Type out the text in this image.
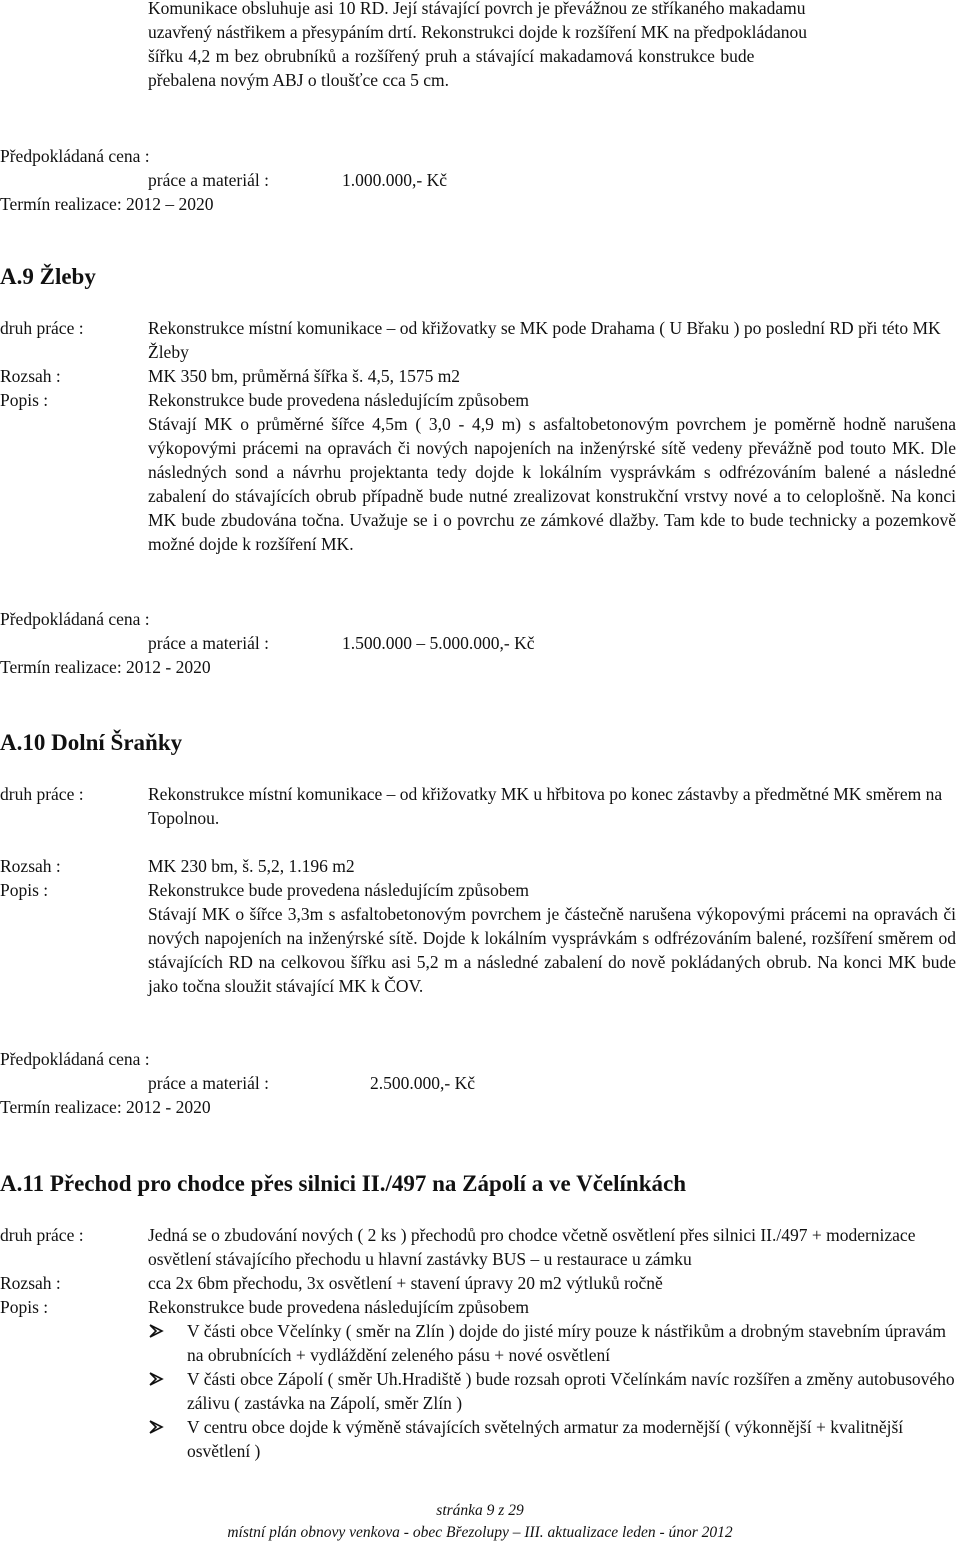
Komunikace obsluhuje asi 10 RD. Její stávající povrch je převážnou ze stříkaného makadamu

uzavřený nástřikem a přesypáním drtí. Rekonstrukci dojde k rozšíření MK na předpokládanou

šířku 4,2 m bez obrubníků a rozšířený pruh a stávající makadamová konstrukce bude

přebalena novým ABJ o tloušťce cca 5 cm.

Předpokládaná cena :
práce a materiál :	1.000.000,- Kč
Termín realizace: 2012 – 2020
A.9 Žleby
druh práce :	Rekonstrukce místní komunikace – od křižovatky se MK pode Drahama ( U Břaku ) po poslední RD při této MK Žleby
Rozsah :	MK 350 bm, průměrná šířka š. 4,5, 1575 m2
Popis :	Rekonstrukce bude provedena následujícím způsobem
Stávají MK o průměrné šířce 4,5m ( 3,0 - 4,9 m) s asfaltobetonovým povrchem je poměrně hodně narušena výkopovými prácemi na opravách či nových napojeních na inženýrské sítě vedeny převážně pod touto MK. Dle následných sond a návrhu projektanta tedy dojde k lokálním vysprávkám s odfrézováním balené a následné zabalení do stávajících obrub případně bude nutné zrealizovat konstrukční vrstvy nové a to celoplošně. Na konci MK bude zbudována točna. Uvažuje se i o povrchu ze zámkové dlažby. Tam kde to bude technicky a pozemkově možné dojde k rozšíření MK.
Předpokládaná cena :
práce a materiál :	1.500.000 – 5.000.000,- Kč
Termín realizace: 2012 - 2020
A.10 Dolní Šraňky
druh práce :	Rekonstrukce místní komunikace – od křižovatky MK u hřbitova po konec zástavby a předmětné MK směrem na Topolnou.
Rozsah :	MK 230 bm, š. 5,2, 1.196 m2
Popis :	Rekonstrukce bude provedena následujícím způsobem
Stávají MK o šířce 3,3m s asfaltobetonovým povrchem je částečně narušena výkopovými prácemi na opravách či nových napojeních na inženýrské sítě. Dojde k lokálním vysprávkám s odfrézováním balené, rozšíření směrem od stávajících RD na celkovou šířku asi 5,2 m a následné zabalení do nově pokládaných obrub. Na konci MK bude jako točna sloužit stávající MK k ČOV.
Předpokládaná cena :
práce a materiál :	2.500.000,- Kč
Termín realizace: 2012 - 2020
A.11 Přechod pro chodce přes silnici II./497 na Zápolí a ve Včelínkách
druh práce :	Jedná se o zbudování nových ( 2 ks ) přechodů pro chodce včetně osvětlení přes silnici II./497 + modernizace osvětlení stávajícího přechodu u hlavní zastávky BUS – u restaurace u zámku
Rozsah :	cca 2x 6bm přechodu, 3x osvětlení + stavení úpravy 20 m2 výtluků ročně
Popis :	Rekonstrukce bude provedena následujícím způsobem
V části obce Včelínky ( směr na Zlín ) dojde do jisté míry pouze k nástřikům a drobným stavebním úpravám na obrubnících + vydláždění zeleného pásu + nové osvětlení
V části obce Zápolí ( směr Uh.Hradiště ) bude rozsah oproti Včelínkám navíc rozšířen a změny autobusového zálivu ( zastávka na Zápolí, směr Zlín )
V centru obce dojde k výměně stávajících světelných armatur za modernější ( výkonnější + kvalitnější osvětlení )
stránka 9 z 29
místní plán obnovy venkova - obec Březolupy – III. aktualizace leden - únor 2012
